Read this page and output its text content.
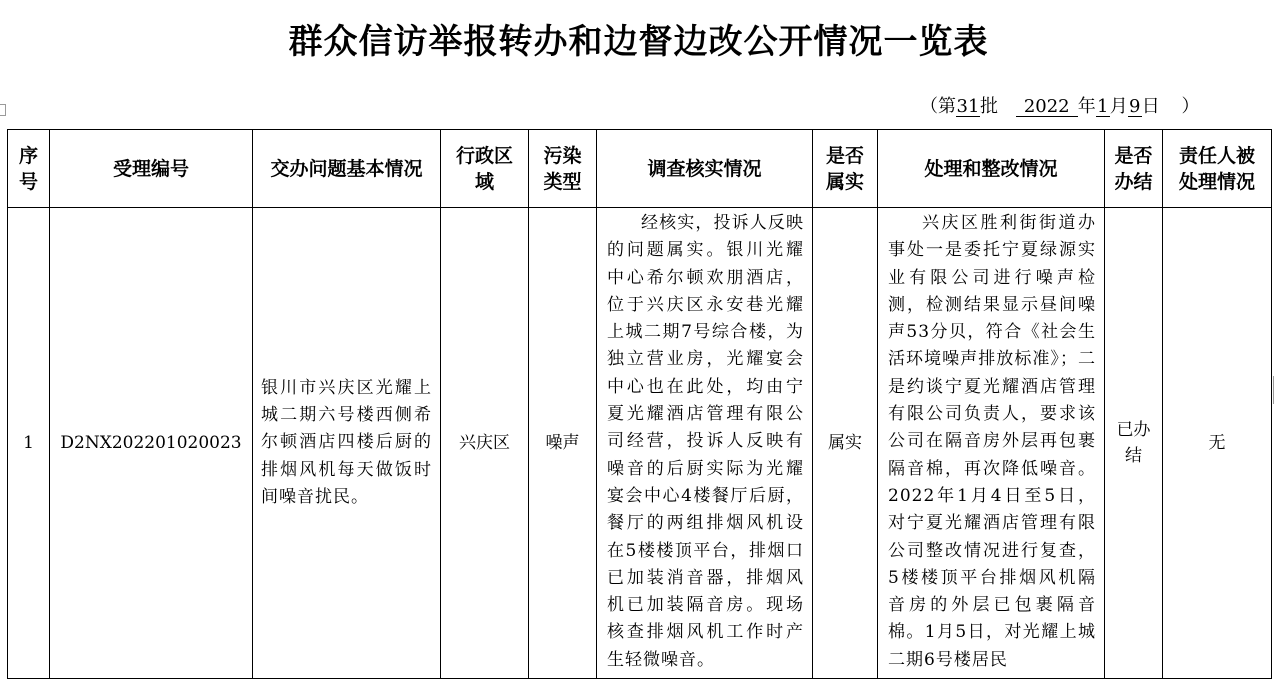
群众信访举报转办和边督边改公开情况一览表
（第31批 2022 年1月9日 ）
序号	受理编号	交办问题基本情况	行政区域	污染类型	调查核实情况	是否属实	处理和整改情况	是否办结	责任人被处理情况

1	D2NX202201020023	银川市兴庆区光耀上城二期六号楼西侧希尔顿酒店四楼后厨的排烟风机每天做饭时间噪音扰民。	兴庆区	噪声	经核实，投诉人反映的问题属实。银川光耀中心希尔顿欢朋酒店，位于兴庆区永安巷光耀上城二期7号综合楼，为独立营业房，光耀宴会中心也在此处，均由宁夏光耀酒店管理有限公司经营，投诉人反映有噪音的后厨实际为光耀宴会中心4楼餐厅后厨，餐厅的两组排烟风机设在5楼楼顶平台，排烟口已加装消音器，排烟风机已加装隔音房。现场核查排烟风机工作时产生轻微噪音。	属实	兴庆区胜利街街道办事处一是委托宁夏绿源实业有限公司进行噪声检测，检测结果显示昼间噪声53分贝，符合《社会生活环境噪声排放标准》；二是约谈宁夏光耀酒店管理有限公司负责人，要求该公司在隔音房外层再包裹隔音棉，再次降低噪音。2022年1月4日至5日，对宁夏光耀酒店管理有限公司整改情况进行复查，5楼楼顶平台排烟风机隔音房的外层已包裹隔音棉。1月5日，对光耀上城二期6号楼居民	已办结	无
